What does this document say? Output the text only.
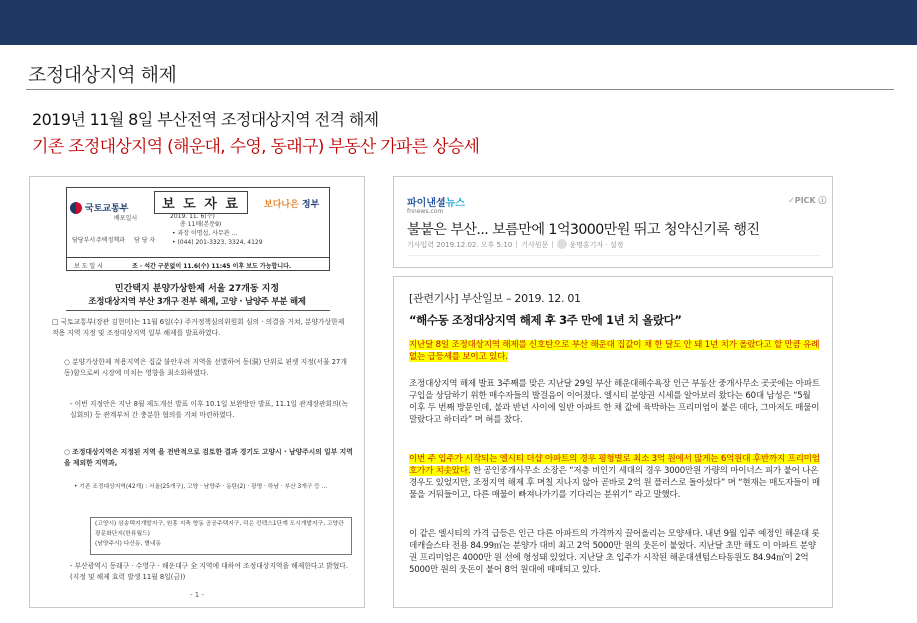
조정대상지역 해제
2019년 11월 8일 부산전역 조정대상지역 전격 해제
기존 조정대상지역 (해운대, 수영, 동래구) 부동산 가파른 상승세
국토교통부	보 도 자 료	보다나은 정부
2019. 11. 6(수)
총 11매(본문9)
배포일시
담당부서 주택정책과 담 당 자
• 과장 이명섭, 사무관 ...
• (044) 201-3323, 3324, 4129
보 도 일 시	조 · 석간 구분없이 11.6(수) 11:45 이후 보도 가능합니다.
민간택지 분양가상한제 서울 27개동 지정
조정대상지역 부산 3개구 전부 해제, 고양 · 남양주 부분 해제
□ 국토교통부(장관 김현미)는 11월 6일(수) 주거정책심의위원회 심의 · 의결을 거쳐, 분양가상한제 적용 지역 지정 및 조정대상지역 일부 해제를 발표하였다.
○ 분양가상한제 적용지역은 집값 불안우려 지역을 선별하여 동(洞) 단위로 핀셋 지정(서울 27개동)함으로써 시장에 미치는 영향을 최소화하였다.
- 이번 지정안은 지난 8월 제도개선 발표 이후 10.1일 보완방안 발표, 11.1일 관계장관회의(녹실회의) 등 관계부처 간 충분한 협의를 거쳐 마련하였다.
○ 조정대상지역은 지정된 지역 을 전반적으로 검토한 결과 경기도 고양시 · 남양주시의 일부 지역을 제외한 지역과,
• 기존 조정대상지역(42개) : 서울(25개구), 고양 · 남양주 · 동탄(2) · 광명 · 하남 · 부산 3개구 등 ...
(고양시) 삼송택지개발지구, 원흥 지축 향동 공공주택지구, 덕은 킨텍스1단계 도시개발지구, 고양관광문화단지(한류월드)
(남양주시) 다산동, 별내동
- 부산광역시 동래구 · 수영구 · 해운대구 全 지역에 대하여 조정대상지역을 해제한다고 밝혔다.(지정 및 해제 효력 발생 11월 8일(금))
- 1 -
파이낸셜뉴스
fnnews.com
✓PICK ⓘ
불붙은 부산... 보름만에 1억3000만원 뛰고 청약신기록 행진
기사입력 2019.12.02. 오후 5:10 기사원문	윤명훈기자 · 설정
[관련기사] 부산일보 – 2019. 12. 01
“해수동 조정대상지역 해제 후 3주 만에 1년 치 올랐다”
지난달 8일 조정대상지역 해제를 신호탄으로 부산 해운대 집값이 채 한 달도 안 돼 1년 치가 올랐다고 할 만큼 유례없는 급등세를 보이고 있다.
조정대상지역 해제 발표 3주째를 맞은 지난달 29일 부산 해운대해수욕장 인근 부동산 중개사무소 곳곳에는 아파트 구입을 상담하기 위한 매수자들의 발걸음이 이어졌다. 엘시티 분양권 시세를 알아보러 왔다는 60대 남성은 “5월 이후 두 번째 방문인데, 불과 반년 사이에 일반 아파트 한 채 값에 육박하는 프리미엄이 붙은 데다, 그마저도 매물이 말랐다고 하더라” 며 혀를 찼다.
이번 주 입주가 시작되는 엘시티 더샵 아파트의 경우 평형별로 최소 3억 원에서 많게는 6억원대 후반까지 프리미엄 호가가 치솟았다. 한 공인중개사무소 소장은 “저층 비인기 세대의 경우 3000만원 가량의 마이너스 피가 붙어 나온 경우도 있었지만, 조정지역 해제 후 며칠 지나지 않아 곧바로 2억 원 플러스로 돌아섰다” 며 “현재는 매도자들이 매물을 거둬들이고, 다른 매물이 빠져나가기를 기다리는 분위기” 라고 말했다.
이 같은 엘시티의 가격 급등은 인근 다른 아파트의 가격까지 끌어올리는 모양새다. 내년 9월 입주 예정인 해운대 롯데캐슬스타 전용 84.99㎡는 분양가 대비 최고 2억 5000만 원의 웃돈이 붙었다. 지난달 초만 해도 이 아파트 분양권 프리미엄은 4000만 원 선에 형성돼 있었다. 지난달 초 입주가 시작된 해운대센텀스타동원도 84.94㎡이 2억 5000만 원의 웃돈이 붙어 8억 원대에 매매되고 있다.
